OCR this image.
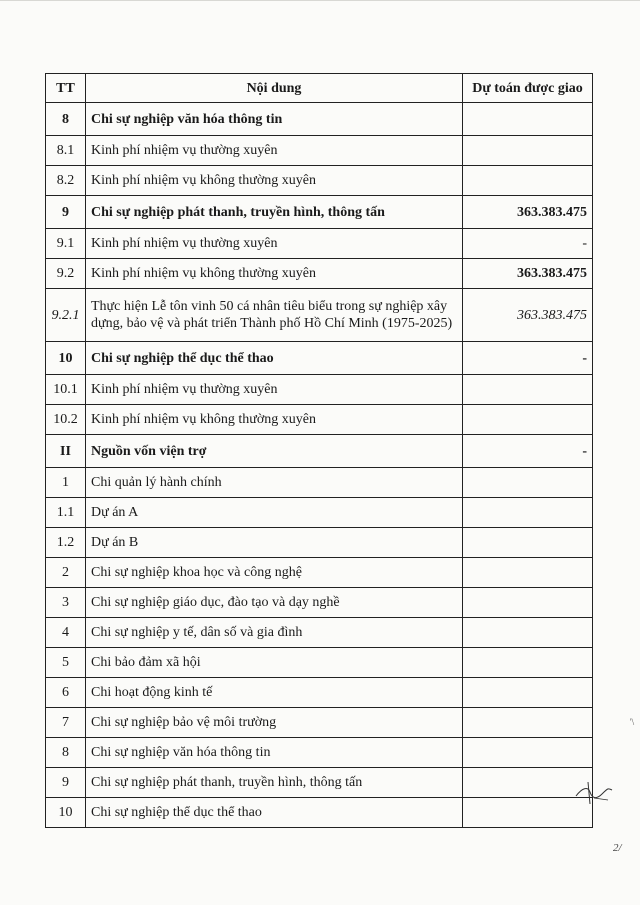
TT	Nội dung	Dự toán được giao
8	Chi sự nghiệp văn hóa thông tin	
8.1	Kinh phí nhiệm vụ thường xuyên	
8.2	Kinh phí nhiệm vụ không thường xuyên	
9	Chi sự nghiệp phát thanh, truyền hình, thông tấn	363.383.475
9.1	Kinh phí nhiệm vụ thường xuyên	-
9.2	Kinh phí nhiệm vụ không thường xuyên	363.383.475
9.2.1	Thực hiện Lễ tôn vinh 50 cá nhân tiêu biểu trong sự nghiệp xây dựng, bảo vệ và phát triển Thành phố Hồ Chí Minh (1975-2025)	363.383.475
10	Chi sự nghiệp thể dục thể thao	-
10.1	Kinh phí nhiệm vụ thường xuyên	
10.2	Kinh phí nhiệm vụ không thường xuyên	
II	Nguồn vốn viện trợ	-
1	Chi quản lý hành chính	
1.1	Dự án A	
1.2	Dự án B	
2	Chi sự nghiệp khoa học và công nghệ	
3	Chi sự nghiệp giáo dục, đào tạo và dạy nghề	
4	Chi sự nghiệp y tế, dân số và gia đình	
5	Chi bảo đảm xã hội	
6	Chi hoạt động kinh tế	
7	Chi sự nghiệp bảo vệ môi trường	
8	Chi sự nghiệp văn hóa thông tin	
9	Chi sự nghiệp phát thanh, truyền hình, thông tấn	
10	Chi sự nghiệp thể dục thể thao	
'\
2/
